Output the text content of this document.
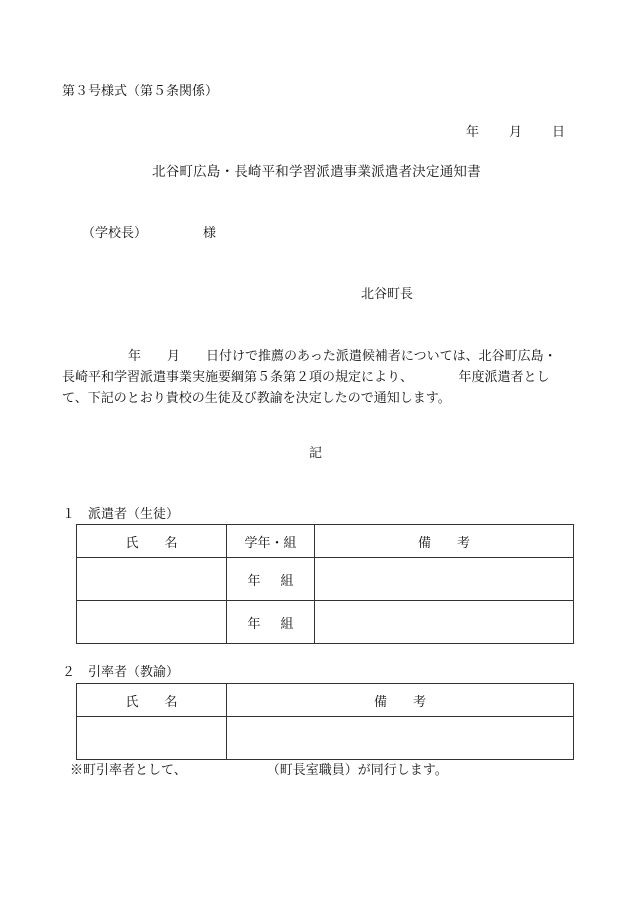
第３号様式（第５条関係）
年 月 日
北谷町広島・長崎平和学習派遣事業派遣者決定通知書
（学校長）	様
北谷町長
年　　月　　日付けで推薦のあった派遣候補者については、北谷町広島・
長崎平和学習派遣事業実施要綱第５条第２項の規定により、　　　　年度派遣者とし
て、下記のとおり貴校の生徒及び教諭を決定したので通知します。
記
１　派遣者（生徒）
氏　　名	学年・組	備　　考
	年 組	
	年 組	
２　引率者（教諭）
氏　　名	備　　考

※町引率者として、	（町長室職員）が同行します。
